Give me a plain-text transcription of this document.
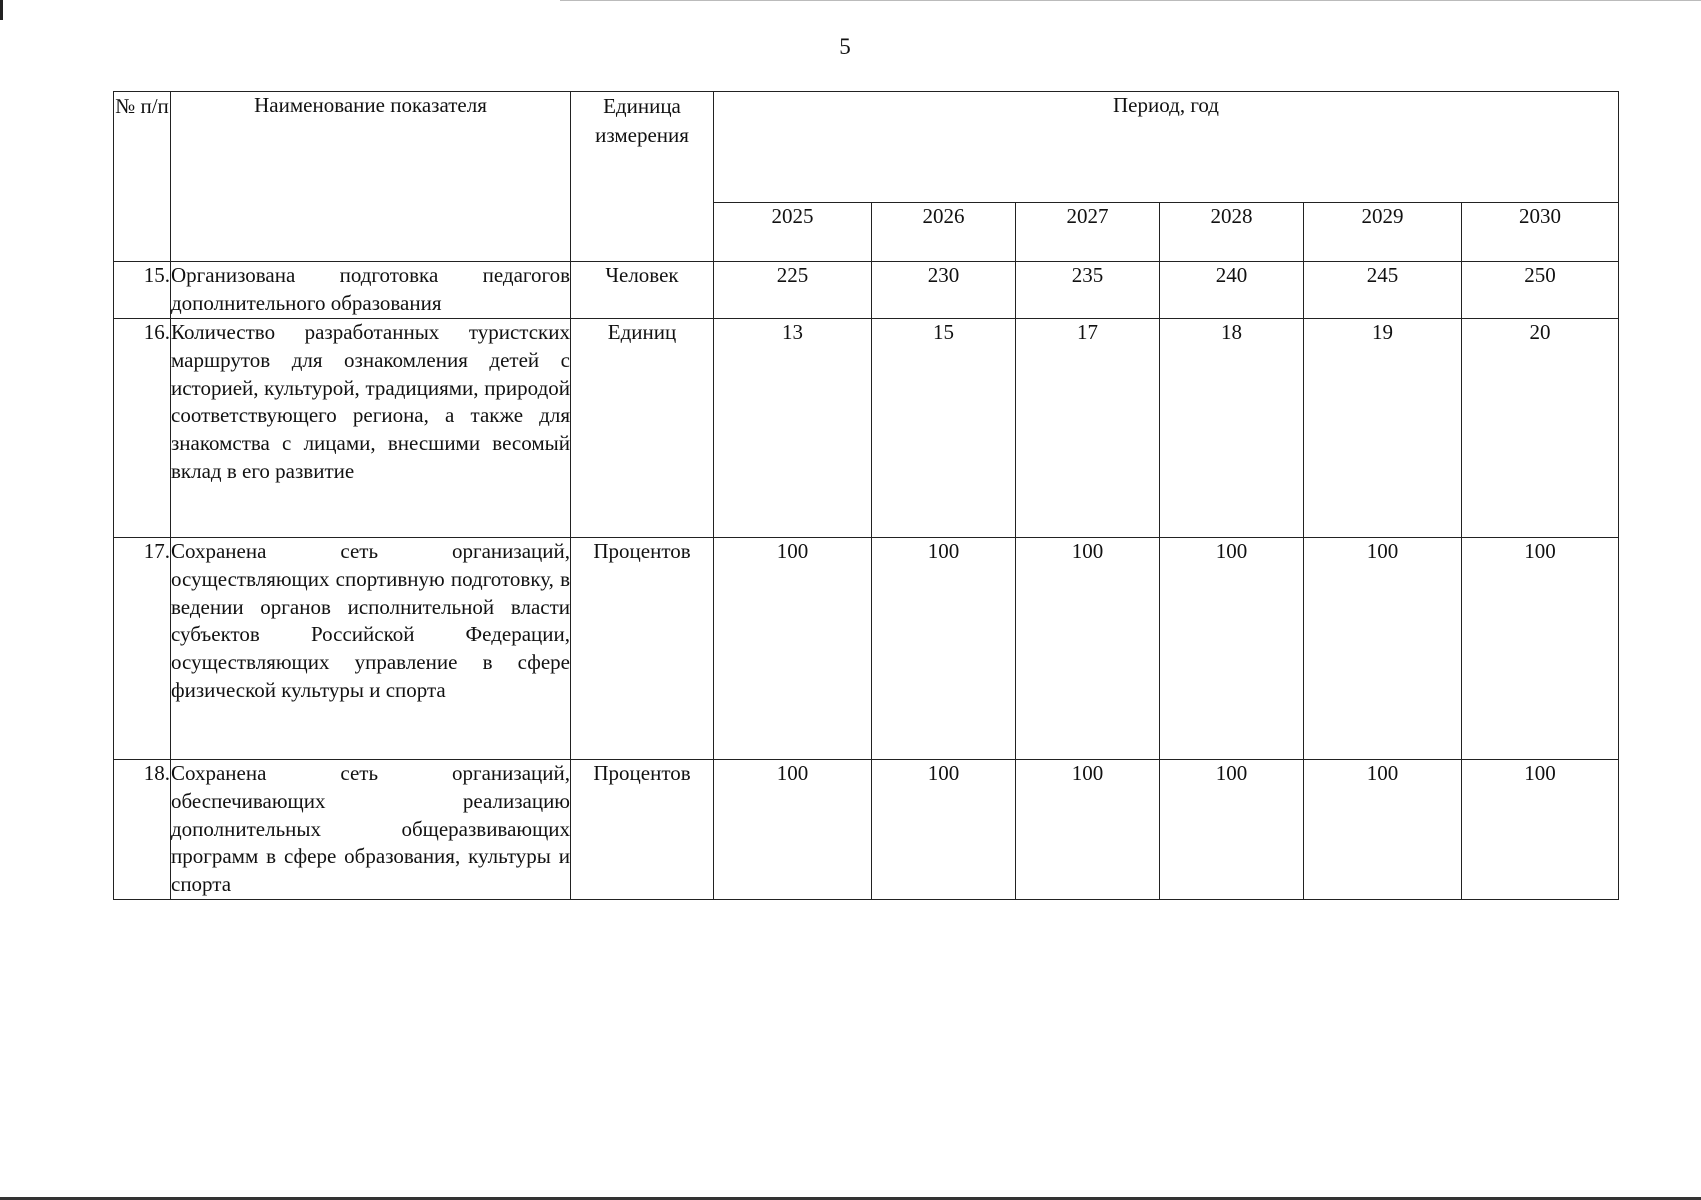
5
№ п/п	Наименование показателя	Единица измерения	Период, год					
			2025	2026	2027	2028	2029	2030
15.	Организована подготовка педагогов дополнительного образования	Человек	225	230	235	240	245	250
16.	Количество разработанных туристских маршрутов для ознакомления детей с историей, культурой, традициями, природой соответствующего региона, а также для знакомства с лицами, внесшими весомый вклад в его развитие	Единиц	13	15	17	18	19	20
17.	Сохранена сеть организаций, осуществляющих спортивную подготовку, в ведении органов исполнительной власти субъектов Российской Федерации, осуществляющих управление в сфере физической культуры и спорта	Процентов	100	100	100	100	100	100
18.	Сохранена сеть организаций, обеспечивающих реализацию дополнительных общеразвивающих программ в сфере образования, культуры и спорта	Процентов	100	100	100	100	100	100
